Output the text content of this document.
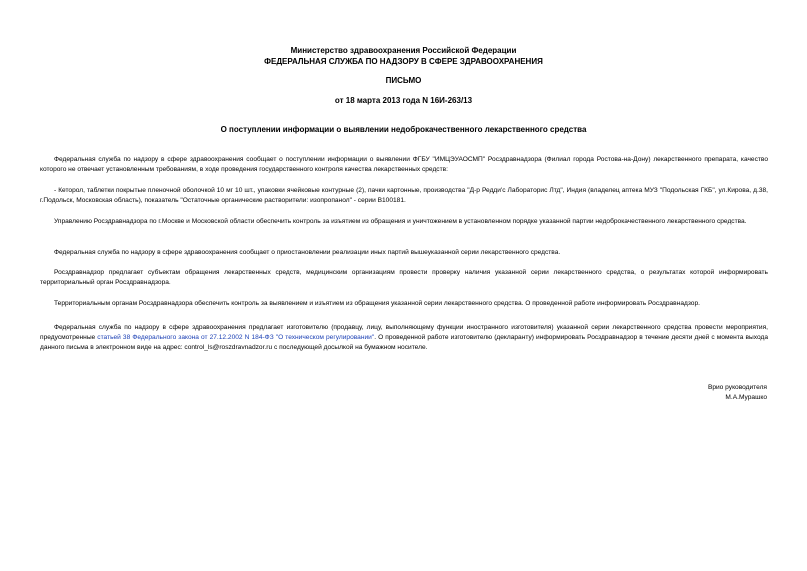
Министерство здравоохранения Российской Федерации
ФЕДЕРАЛЬНАЯ СЛУЖБА ПО НАДЗОРУ В СФЕРЕ ЗДРАВООХРАНЕНИЯ
ПИСЬМО
от 18 марта 2013 года N 16И-263/13
О поступлении информации о выявлении недоброкачественного лекарственного средства
Федеральная служба по надзору в сфере здравоохранения сообщает о поступлении информации о выявлении ФГБУ "ИМЦЭУАОСМП" Росздравнадзора (Филиал города Ростова-на-Дону) лекарственного препарата, качество которого не отвечает установленным требованиям, в ходе проведения государственного контроля качества лекарственных средств:
- Кеторол, таблетки покрытые пленочной оболочкой 10 мг 10 шт., упаковки ячейковые контурные (2), пачки картонные, производства "Д-р Редди'с Лабораторис Лтд", Индия (владелец аптека МУЗ "Подольская ГКБ", ул.Кирова, д.38, г.Подольск, Московская область), показатель "Остаточные органические растворители: изопропанол" - серии В100181.
Управлению Росздравнадзора по г.Москве и Московской области обеспечить контроль за изъятием из обращения и уничтожением в установленном порядке указанной партии недоброкачественного лекарственного средства.
Федеральная служба по надзору в сфере здравоохранения сообщает о приостановлении реализации иных партий вышеуказанной серии лекарственного средства.
Росздравнадзор предлагает субъектам обращения лекарственных средств, медицинским организациям провести проверку наличия указанной серии лекарственного средства, о результатах которой информировать территориальный орган Росздравнадзора.
Территориальным органам Росздравнадзора обеспечить контроль за выявлением и изъятием из обращения указанной серии лекарственного средства. О проведенной работе информировать Росздравнадзор.
Федеральная служба по надзору в сфере здравоохранения предлагает изготовителю (продавцу, лицу, выполняющему функции иностранного изготовителя) указанной серии лекарственного средства провести мероприятия, предусмотренные статьей 38 Федерального закона от 27.12.2002 N 184-ФЗ "О техническом регулировании". О проведенной работе изготовителю (декларанту) информировать Росздравнадзор в течение десяти дней с момента выхода данного письма в электронном виде на адрес: control_ls@roszdravnadzor.ru с последующей досылкой на бумажном носителе.
Врио руководителя
М.А.Мурашко
